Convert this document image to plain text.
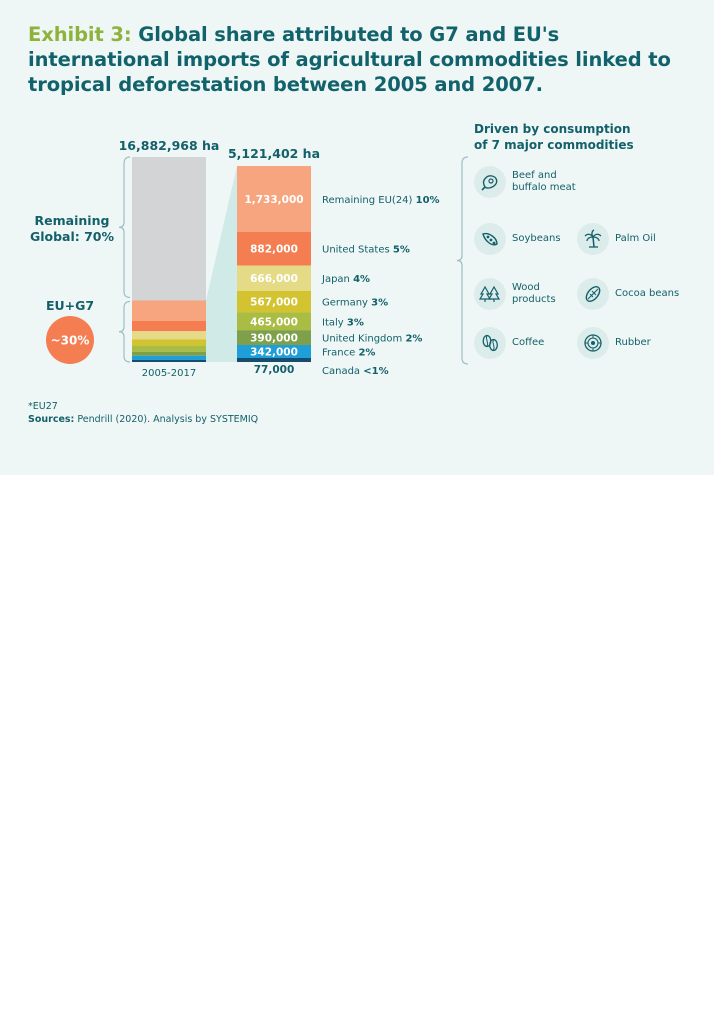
Exhibit 3: Global share attributed to G7 and EU's international imports of agricultural commodities linked to tropical deforestation between 2005 and 2007.
1,733,000 Remaining EU(24) 10%
882,000 United States 5%
666,000 Japan 4%
567,000 Germany 3%
465,000 Italy 3%
390,000 United Kingdom 2%
342,000 France 2%
77,000	Canada <1%
16,882,968 ha
5,121,402 ha
2005-2017
Remaining
Global: 70%
EU+G7
~30%
Driven by consumption
of 7 major commodities
Beef and buffalo meat
Soybeans	Palm Oil
Wood products
Cocoa beans
Coffee	Rubber
*EU27
Sources: Pendrill (2020). Analysis by SYSTEMIQ
